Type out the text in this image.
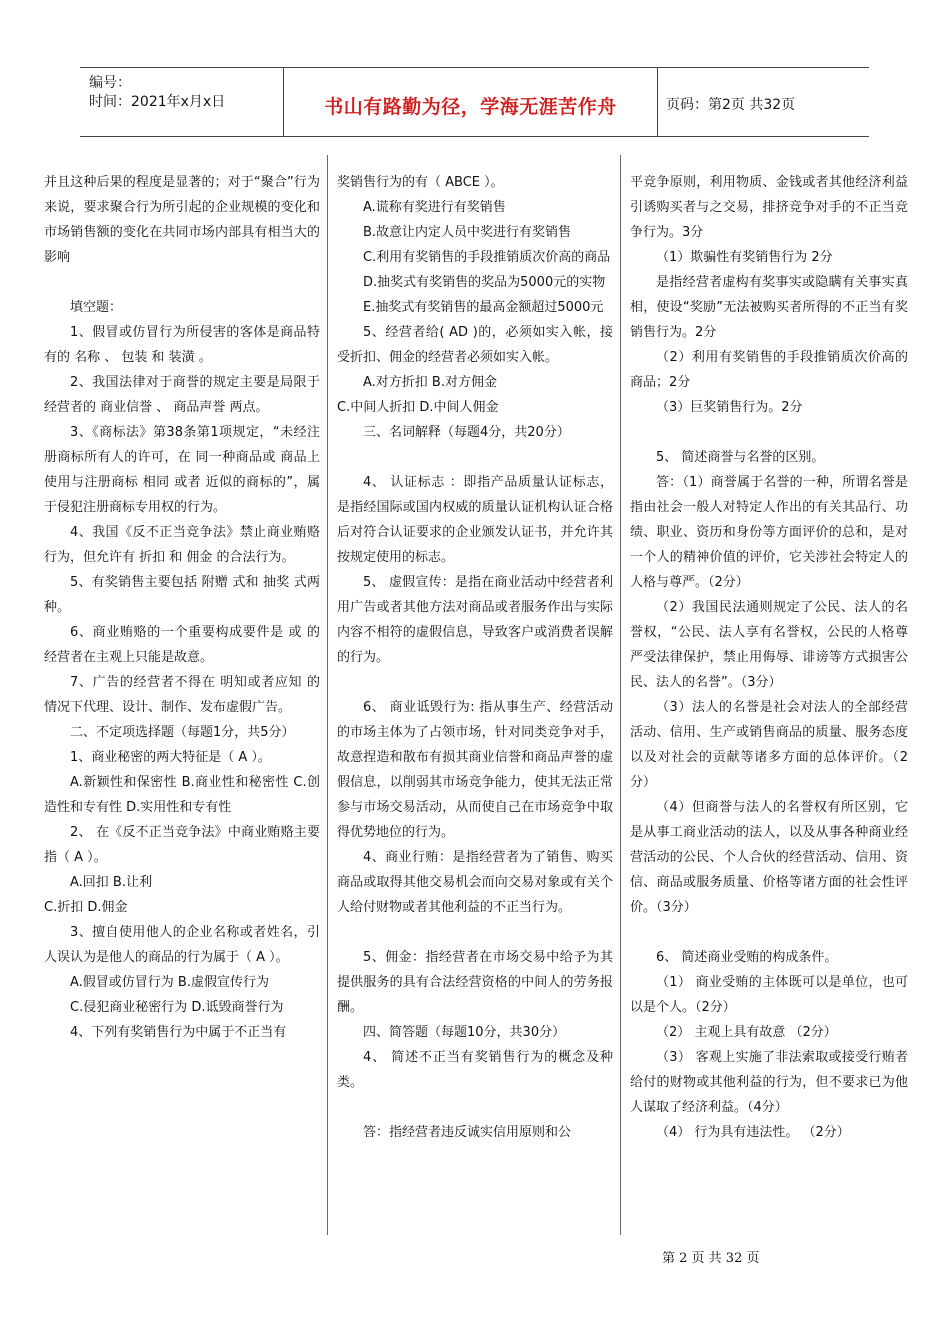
编号：
时间：2021年x月x日	书山有路勤为径，学海无涯苦作舟	页码：第2页 共32页

并且这种后果的程度是显著的；对于“聚合”行为来说，要求聚合行为所引起的企业规模的变化和市场销售额的变化在共同市场内部具有相当大的影响

填空题：

1、假冒或仿冒行为所侵害的客体是商品特有的 名称 、 包装 和 装潢 。

2、我国法律对于商誉的规定主要是局限于经营者的 商业信誉 、 商品声誉 两点。

3、《商标法》第38条第1项规定，“未经注册商标所有人的许可，在 同一种商品或 商品上使用与注册商标 相同 或者 近似的商标的”，属于侵犯注册商标专用权的行为。

4、我国《反不正当竞争法》禁止商业贿赂行为，但允许有 折扣 和 佣金 的合法行为。

5、有奖销售主要包括 附赠 式和 抽奖 式两种。

6、商业贿赂的一个重要构成要件是 或 的经营者在主观上只能是故意。

7、广告的经营者不得在 明知或者应知 的情况下代理、设计、制作、发布虚假广告。

二、不定项选择题（每题1分，共5分）

1、商业秘密的两大特征是（ A ）。

A.新颖性和保密性 B.商业性和秘密性 C.创造性和专有性 D.实用性和专有性

2、 在《反不正当竞争法》中商业贿赂主要指（ A ）。

A.回扣 B.让利

C.折扣 D.佣金

3、擅自使用他人的企业名称或者姓名，引人误认为是他人的商品的行为属于（ A ）。

A.假冒或仿冒行为 B.虚假宣传行为

C.侵犯商业秘密行为 D.诋毁商誉行为

4、下列有奖销售行为中属于不正当有

奖销售行为的有（ ABCE ）。

A.谎称有奖进行有奖销售

B.故意让内定人员中奖进行有奖销售

C.利用有奖销售的手段推销质次价高的商品

D.抽奖式有奖销售的奖品为5000元的实物

E.抽奖式有奖销售的最高金额超过5000元

5、经营者给( AD )的，必须如实入帐，接受折扣、佣金的经营者必须如实入帐。

A.对方折扣 B.对方佣金

C.中间人折扣 D.中间人佣金

三、名词解释（每题4分，共20分）

4、 认证标志 ：即指产品质量认证标志，是指经国际或国内权威的质量认证机构认证合格后对符合认证要求的企业颁发认证书，并允许其按规定使用的标志。

5、 虚假宣传：是指在商业活动中经营者利用广告或者其他方法对商品或者服务作出与实际内容不相符的虚假信息，导致客户或消费者误解的行为。

6、 商业诋毁行为: 指从事生产、经营活动的市场主体为了占领市场，针对同类竞争对手，故意捏造和散布有损其商业信誉和商品声誉的虚假信息，以削弱其市场竞争能力，使其无法正常参与市场交易活动，从而使自己在市场竞争中取得优势地位的行为。

4、商业行贿：是指经营者为了销售、购买商品或取得其他交易机会而向交易对象或有关个人给付财物或者其他利益的不正当行为。

5、佣金：指经营者在市场交易中给予为其提供服务的具有合法经营资格的中间人的劳务报酬。

四、简答题（每题10分，共30分）

4、 简述不正当有奖销售行为的概念及种类。

答：指经营者违反诚实信用原则和公

平竞争原则，利用物质、金钱或者其他经济利益引诱购买者与之交易，排挤竞争对手的不正当竞争行为。3分

（1）欺骗性有奖销售行为 2分

是指经营者虚构有奖事实或隐瞒有关事实真相，使设“奖励”无法被购买者所得的不正当有奖销售行为。2分

（2）利用有奖销售的手段推销质次价高的商品；2分

（3）巨奖销售行为。2分

5、 简述商誉与名誉的区别。

答：（1）商誉属于名誉的一种，所谓名誉是指由社会一般人对特定人作出的有关其品行、功绩、职业、资历和身份等方面评价的总和，是对一个人的精神价值的评价，它关涉社会特定人的人格与尊严。（2分）

（2）我国民法通则规定了公民、法人的名誉权，“公民、法人享有名誉权，公民的人格尊严受法律保护，禁止用侮辱、诽谤等方式损害公民、法人的名誉”。（3分）

（3）法人的名誉是社会对法人的全部经营活动、信用、生产或销售商品的质量、服务态度以及对社会的贡献等诸多方面的总体评价。（2分）

（4）但商誉与法人的名誉权有所区别，它是从事工商业活动的法人，以及从事各种商业经营活动的公民、个人合伙的经营活动、信用、资信、商品或服务质量、价格等诸方面的社会性评价。（3分）

6、 简述商业受贿的构成条件。

（1） 商业受贿的主体既可以是单位，也可以是个人。（2分）

（2） 主观上具有故意 （2分）

（3） 客观上实施了非法索取或接受行贿者给付的财物或其他利益的行为，但不要求已为他人谋取了经济利益。（4分）

（4） 行为具有违法性。 （2分）

第 2 页 共 32 页
